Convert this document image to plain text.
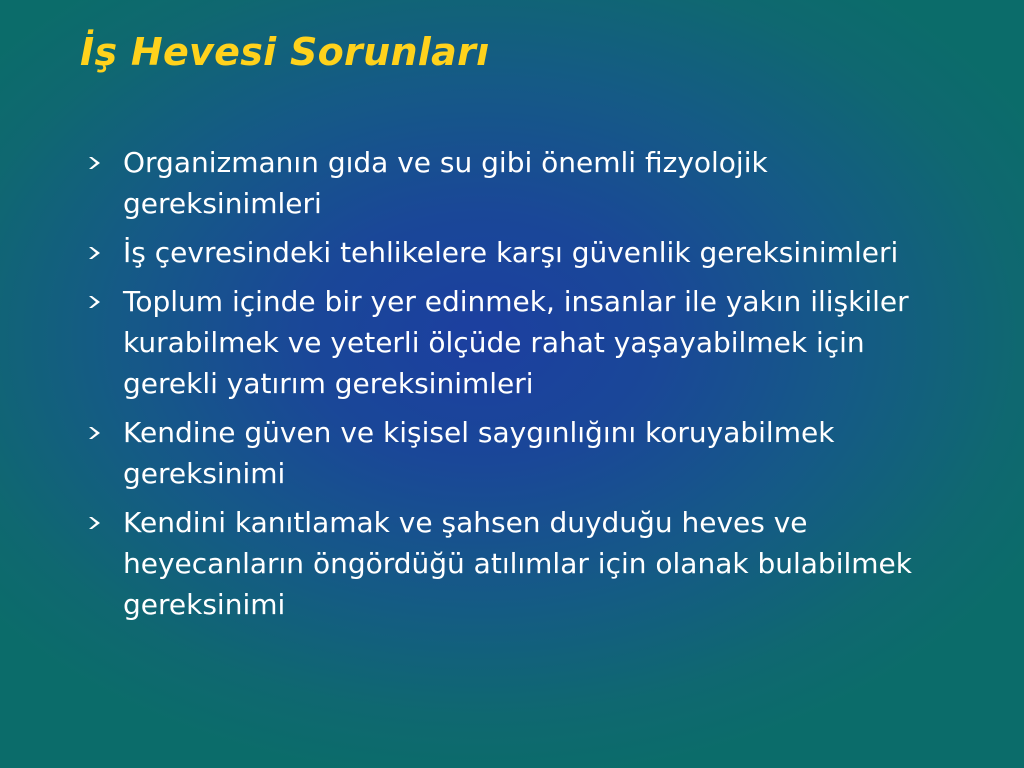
İş Hevesi Sorunları
Organizmanın gıda ve su gibi önemli fizyolojik gereksinimleri
İş çevresindeki tehlikelere karşı güvenlik gereksinimleri
Toplum içinde bir yer edinmek, insanlar ile yakın ilişkiler kurabilmek ve yeterli ölçüde rahat yaşayabilmek için gerekli yatırım gereksinimleri
Kendine güven ve kişisel saygınlığını koruyabilmek gereksinimi
Kendini kanıtlamak ve şahsen duyduğu heves ve heyecanların öngördüğü atılımlar için olanak bulabilmek gereksinimi
